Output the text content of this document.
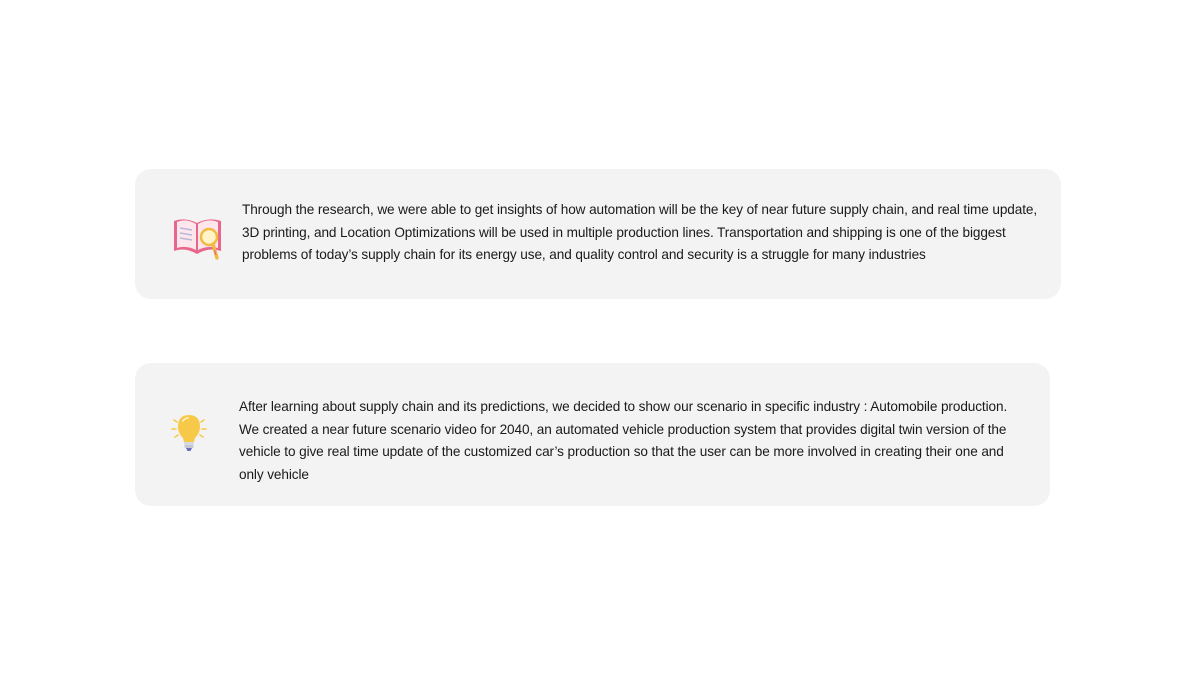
Through the research, we were able to get insights of how automation will be the key of near future supply chain, and real time update, 3D printing, and Location Optimizations will be used in multiple production lines. Transportation and shipping is one of the biggest problems of today’s supply chain for its energy use, and quality control and security is a struggle for many industries

After learning about supply chain and its predictions, we decided to show our scenario in specific industry : Automobile production. We created a near future scenario video for 2040, an automated vehicle production system that provides digital twin version of the vehicle to give real time update of the customized car’s production so that the user can be more involved in creating their one and only vehicle
